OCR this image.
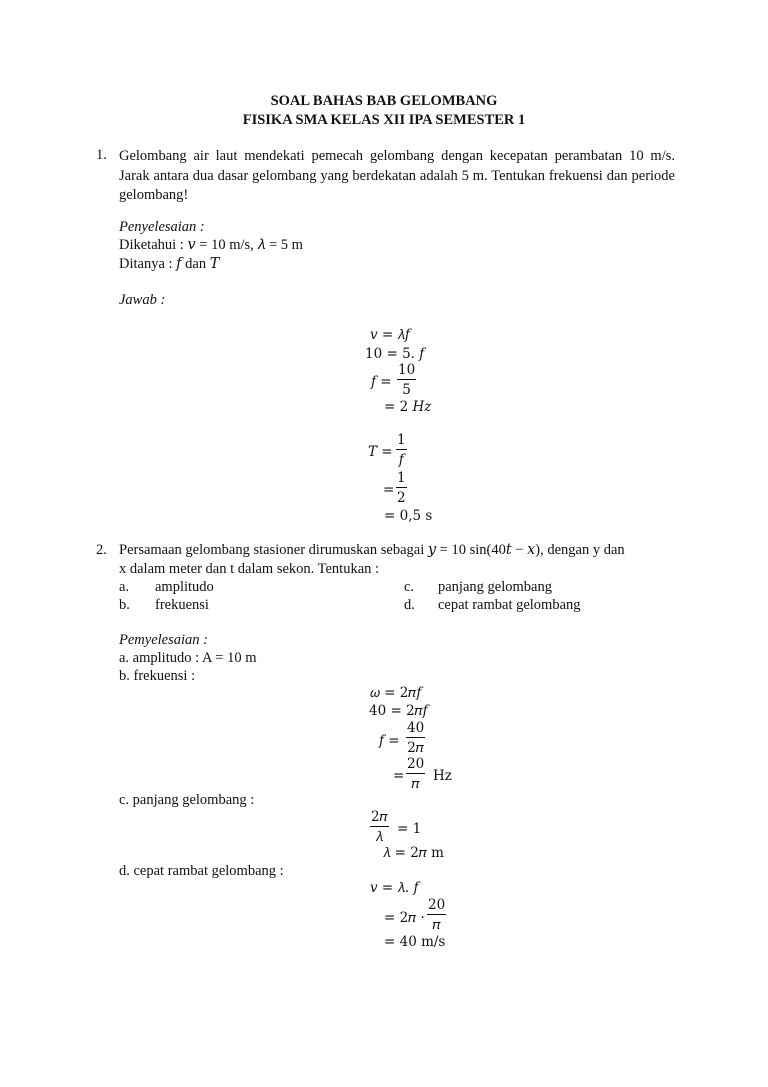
SOAL BAHAS BAB GELOMBANG
FISIKA SMA KELAS XII IPA SEMESTER 1
1. Gelombang air laut mendekati pemecah gelombang dengan kecepatan perambatan 10 m/s. Jarak antara dua dasar gelombang yang berdekatan adalah 5 m. Tentukan frekuensi dan periode gelombang!
Penyelesaian :
Diketahui : 𝑣 = 10 m/s, 𝜆 = 5 m
Ditanya : 𝑓 dan 𝑇
Jawab :
𝑣 = 𝜆𝑓
10 = 5. 𝑓
𝑓 = $\frac{10}{5}$
= 2 𝐻𝑧
𝑇 =
1
𝑓
= $\frac{1}{2}$
= 0,5 s
2. Persamaan gelombang stasioner dirumuskan sebagai 𝑦 = 10 sin(40𝑡 − 𝑥), dengan y dan
x dalam meter dan t dalam sekon. Tentukan :
a. amplitudo
b. frekuensi
c. panjang gelombang
d. cepat rambat gelombang
Pemyelesaian :
a. amplitudo : A = 10 m
b. frekuensi :
𝜔 = 2𝜋𝑓
40 = 2𝜋𝑓
𝑓 =
40
2𝜋
=
20
𝜋 Hz
c. panjang gelombang :
2𝜋
𝜆	= 1
𝜆 = 2𝜋 m
d. cepat rambat gelombang :
𝑣 = 𝜆. 𝑓
= 2𝜋 ·
20
𝜋
= 40 m/s
